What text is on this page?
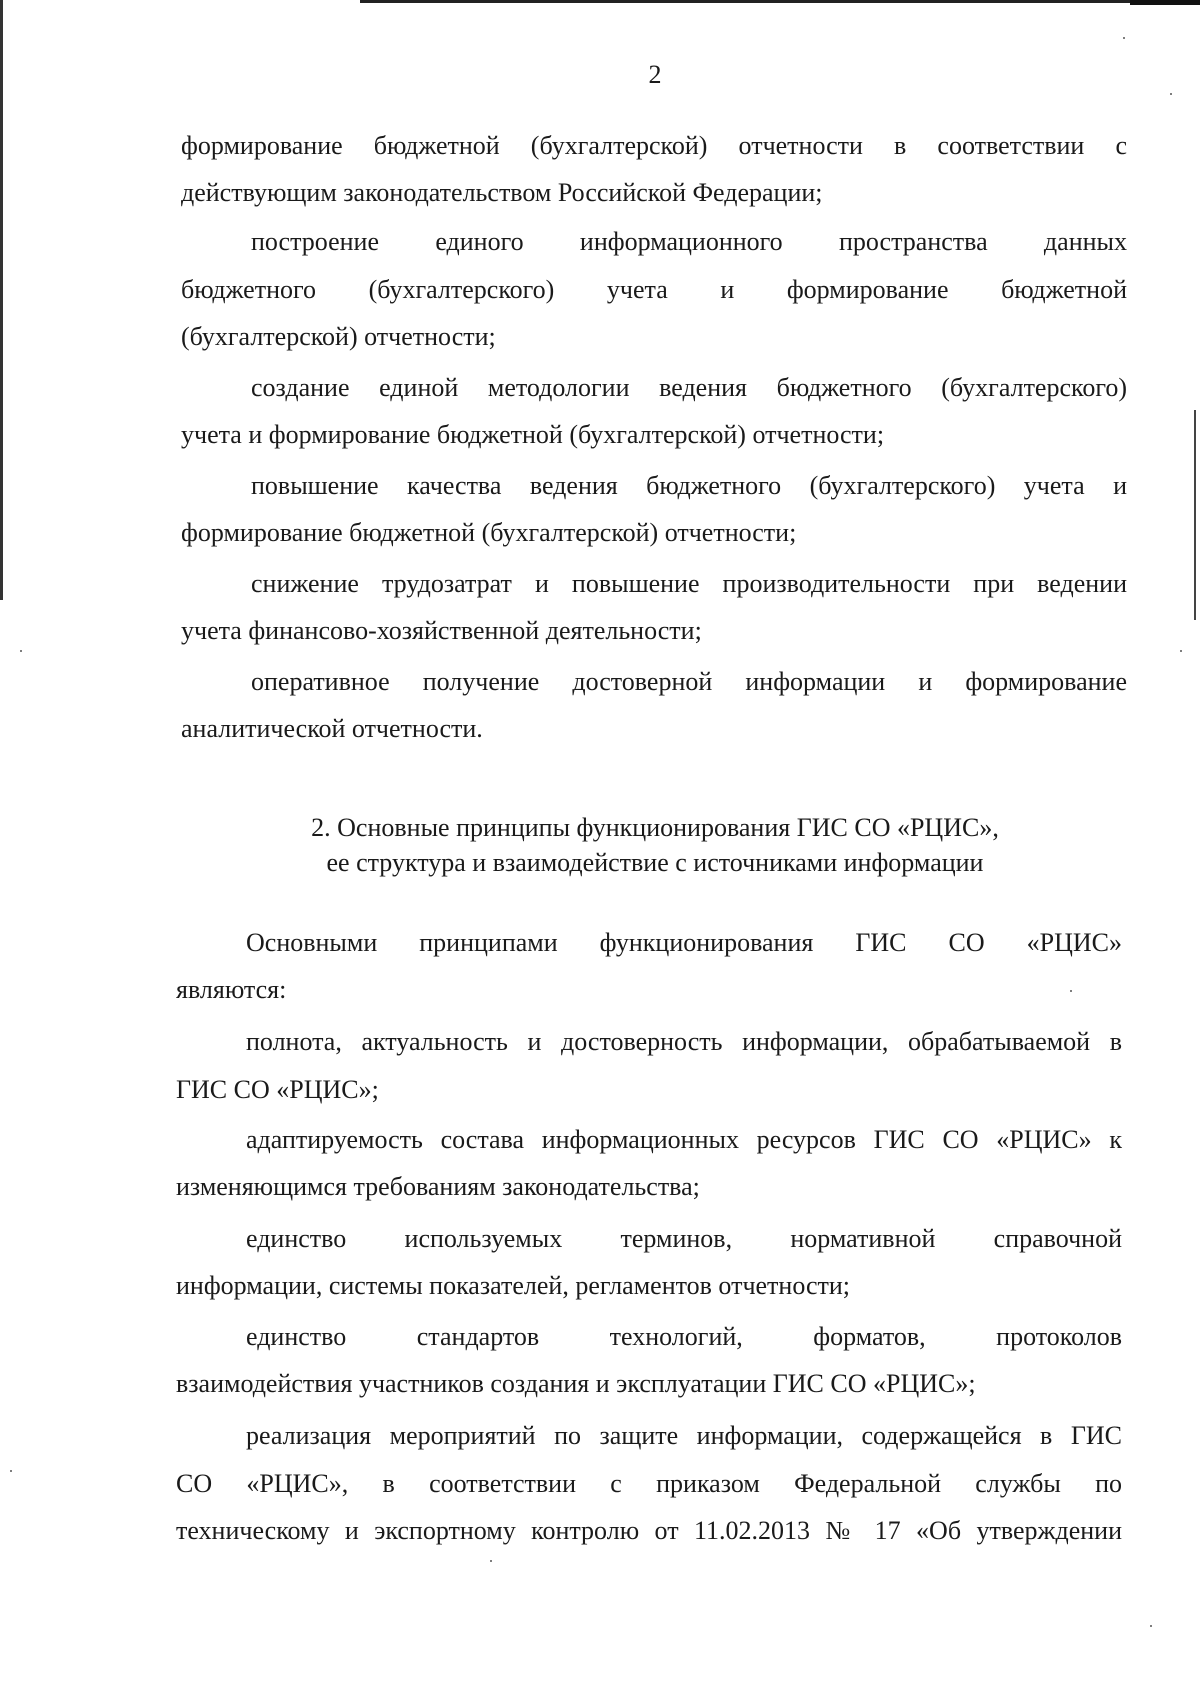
2
формирование бюджетной (бухгалтерской) отчетности в соответствии с
действующим законодательством Российской Федерации;
построение единого информационного пространства данных
бюджетного (бухгалтерского) учета и формирование бюджетной
(бухгалтерской) отчетности;
создание единой методологии ведения бюджетного (бухгалтерского)
учета и формирование бюджетной (бухгалтерской) отчетности;
повышение качества ведения бюджетного (бухгалтерского) учета и
формирование бюджетной (бухгалтерской) отчетности;
снижение трудозатрат и повышение производительности при ведении
учета финансово-хозяйственной деятельности;
оперативное получение достоверной информации и формирование
аналитической отчетности.
2. Основные принципы функционирования ГИС СО «РЦИС»,
ее структура и взаимодействие с источниками информации
Основными принципами функционирования ГИС СО «РЦИС»
являются:
полнота, актуальность и достоверность информации, обрабатываемой в
ГИС СО «РЦИС»;
адаптируемость состава информационных ресурсов ГИС СО «РЦИС» к
изменяющимся требованиям законодательства;
единство используемых терминов, нормативной справочной
информации, системы показателей, регламентов отчетности;
единство стандартов технологий, форматов, протоколов
взаимодействия участников создания и эксплуатации ГИС СО «РЦИС»;
реализация мероприятий по защите информации, содержащейся в ГИС
СО «РЦИС», в соответствии с приказом Федеральной службы по
техническому и экспортному контролю от 11.02.2013 № 17 «Об утверждении
